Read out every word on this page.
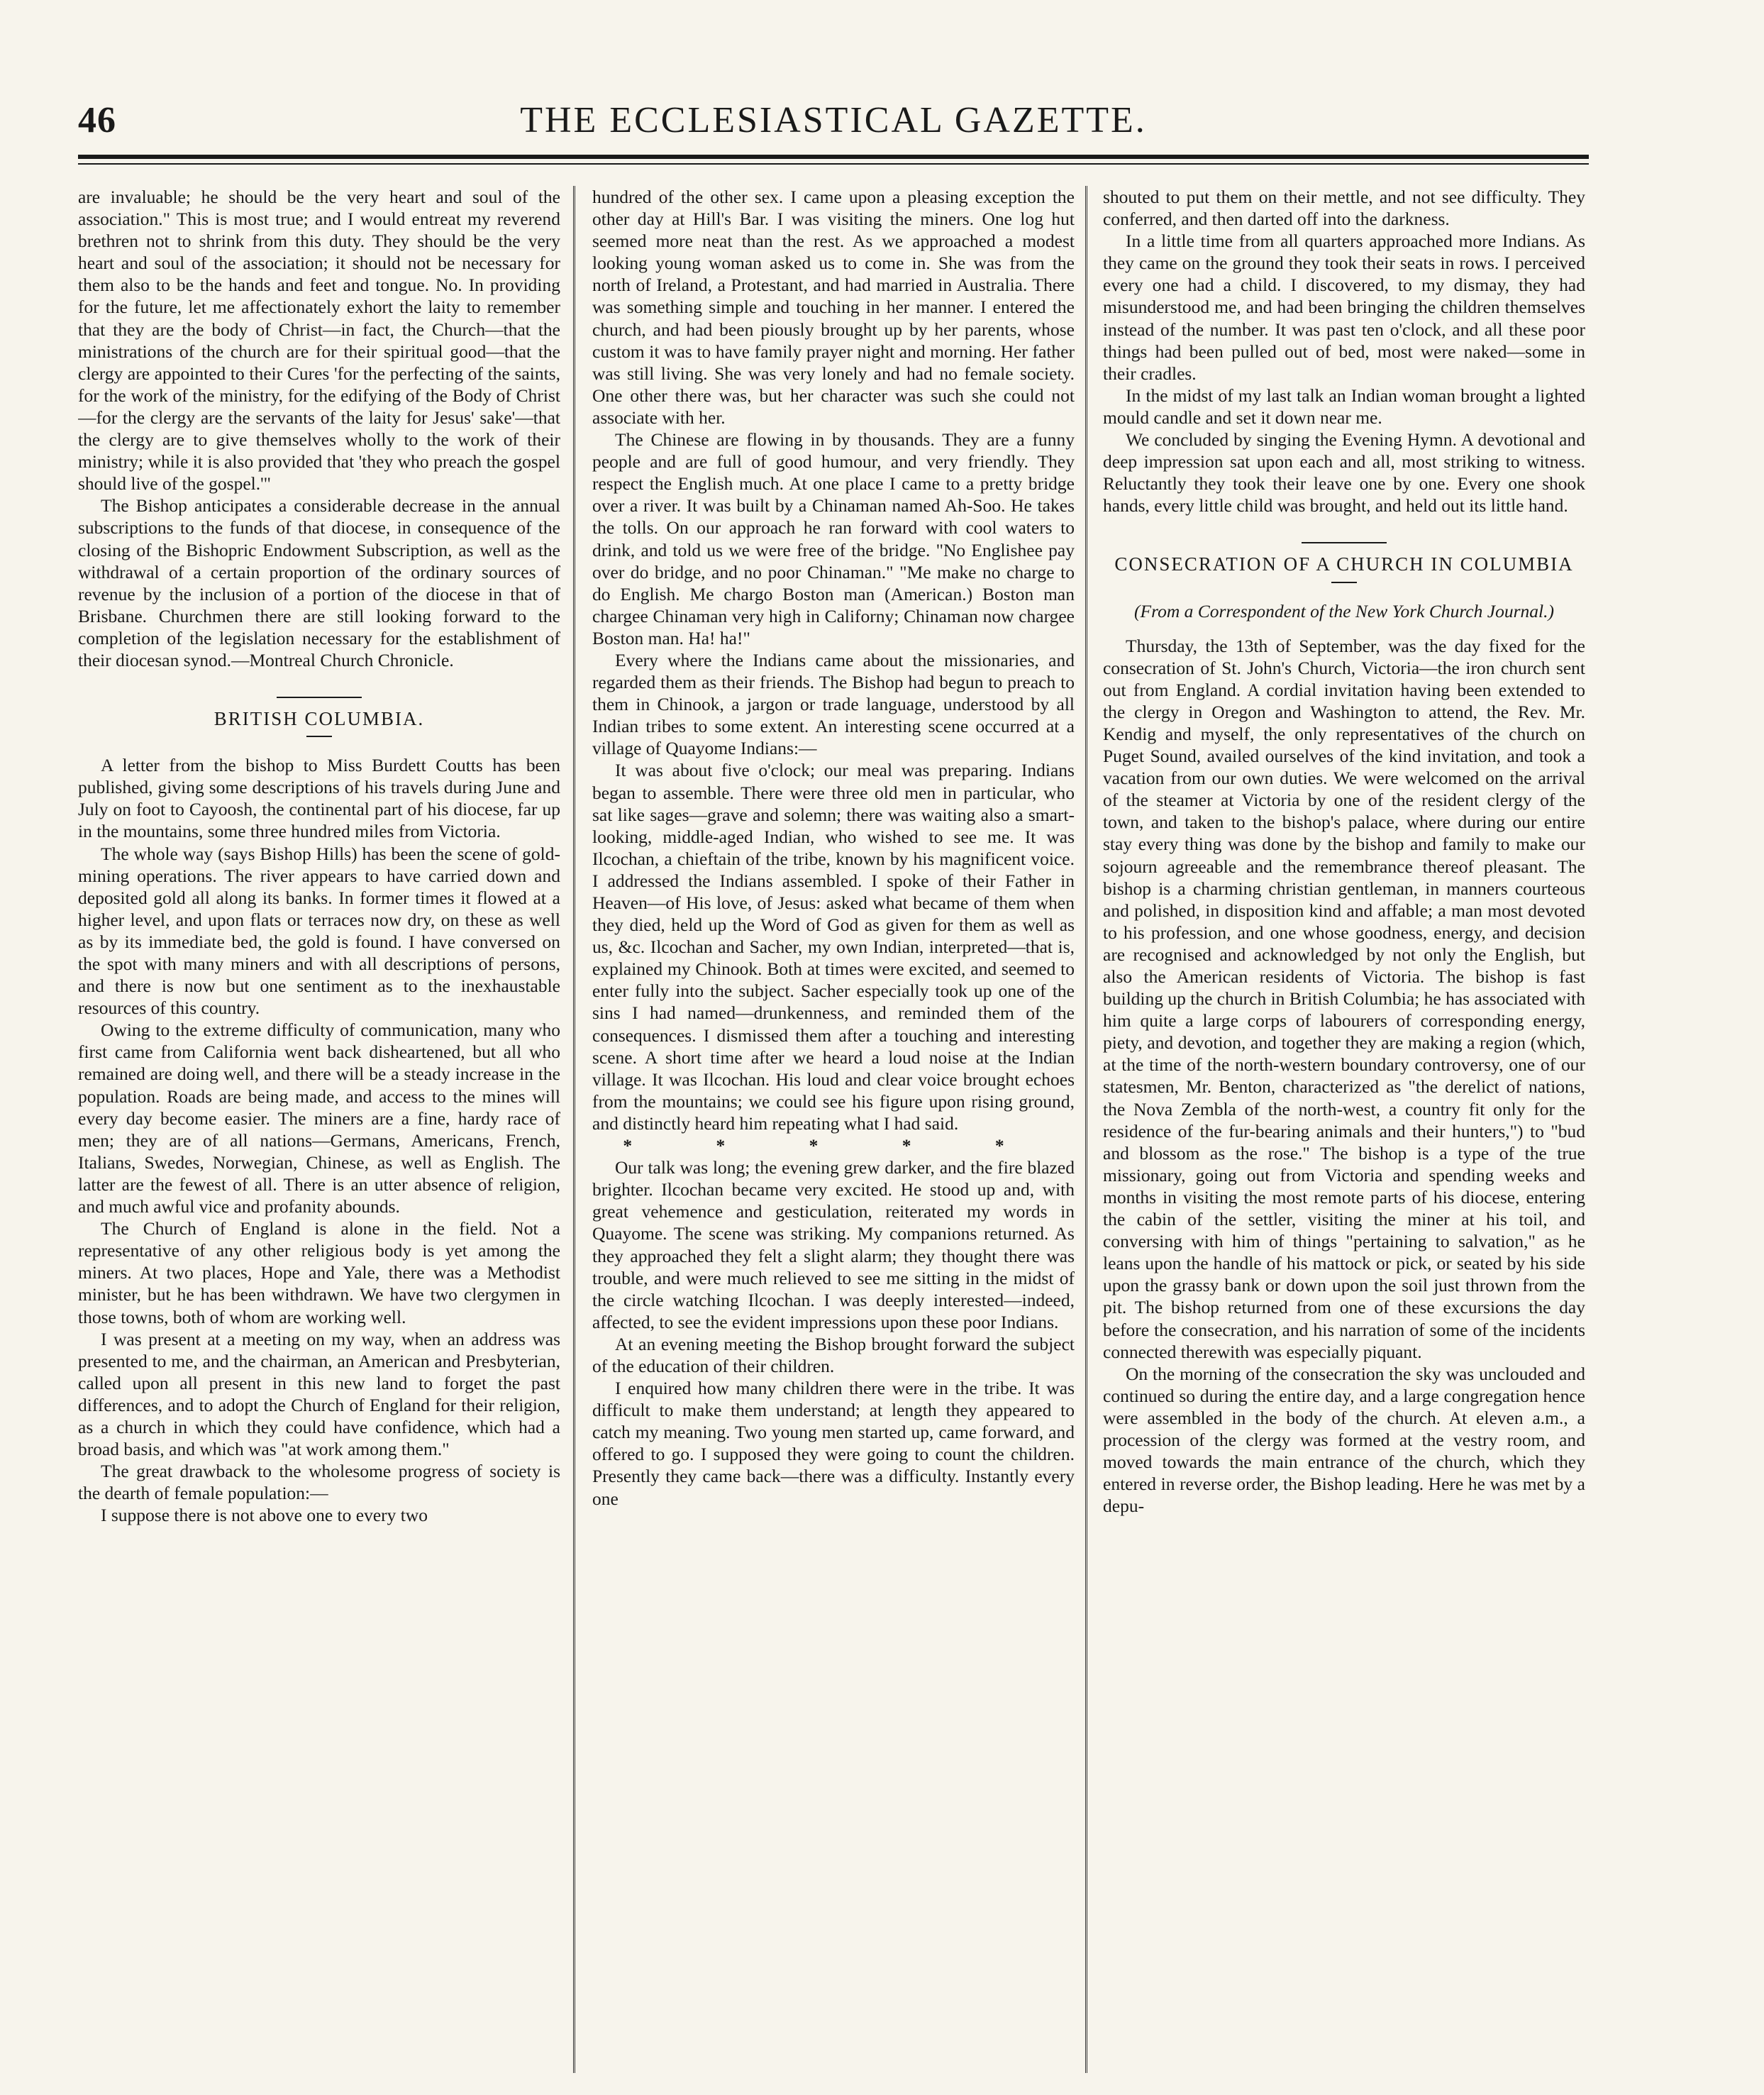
46	THE ECCLESIASTICAL GAZETTE.

are invaluable; he should be the very heart and soul of the association." This is most true; and I would entreat my reverend brethren not to shrink from this duty. They should be the very heart and soul of the association; it should not be necessary for them also to be the hands and feet and tongue. No. In providing for the future, let me affectionately exhort the laity to remember that they are the body of Christ—in fact, the Church—that the ministrations of the church are for their spiritual good—that the clergy are appointed to their Cures 'for the perfecting of the saints, for the work of the ministry, for the edifying of the Body of Christ—for the clergy are the servants of the laity for Jesus' sake'—that the clergy are to give themselves wholly to the work of their ministry; while it is also provided that 'they who preach the gospel should live of the gospel.'"

The Bishop anticipates a considerable decrease in the annual subscriptions to the funds of that diocese, in consequence of the closing of the Bishopric Endowment Subscription, as well as the withdrawal of a certain proportion of the ordinary sources of revenue by the inclusion of a portion of the diocese in that of Brisbane. Churchmen there are still looking forward to the completion of the legislation necessary for the establishment of their diocesan synod.—Montreal Church Chronicle.

BRITISH COLUMBIA.

A letter from the bishop to Miss Burdett Coutts has been published, giving some descriptions of his travels during June and July on foot to Cayoosh, the continental part of his diocese, far up in the mountains, some three hundred miles from Victoria.

The whole way (says Bishop Hills) has been the scene of gold-mining operations. The river appears to have carried down and deposited gold all along its banks. In former times it flowed at a higher level, and upon flats or terraces now dry, on these as well as by its immediate bed, the gold is found. I have conversed on the spot with many miners and with all descriptions of persons, and there is now but one sentiment as to the inexhaustable resources of this country.

Owing to the extreme difficulty of communication, many who first came from California went back disheartened, but all who remained are doing well, and there will be a steady increase in the population. Roads are being made, and access to the mines will every day become easier. The miners are a fine, hardy race of men; they are of all nations—Germans, Americans, French, Italians, Swedes, Norwegian, Chinese, as well as English. The latter are the fewest of all. There is an utter absence of religion, and much awful vice and profanity abounds.

The Church of England is alone in the field. Not a representative of any other religious body is yet among the miners. At two places, Hope and Yale, there was a Methodist minister, but he has been withdrawn. We have two clergymen in those towns, both of whom are working well.

I was present at a meeting on my way, when an address was presented to me, and the chairman, an American and Presbyterian, called upon all present in this new land to forget the past differences, and to adopt the Church of England for their religion, as a church in which they could have confidence, which had a broad basis, and which was "at work among them."

The great drawback to the wholesome progress of society is the dearth of female population:—

I suppose there is not above one to every two

hundred of the other sex. I came upon a pleasing exception the other day at Hill's Bar. I was visiting the miners. One log hut seemed more neat than the rest. As we approached a modest looking young woman asked us to come in. She was from the north of Ireland, a Protestant, and had married in Australia. There was something simple and touching in her manner. I entered the church, and had been piously brought up by her parents, whose custom it was to have family prayer night and morning. Her father was still living. She was very lonely and had no female society. One other there was, but her character was such she could not associate with her.

The Chinese are flowing in by thousands. They are a funny people and are full of good humour, and very friendly. They respect the English much. At one place I came to a pretty bridge over a river. It was built by a Chinaman named Ah-Soo. He takes the tolls. On our approach he ran forward with cool waters to drink, and told us we were free of the bridge. "No Englishee pay over do bridge, and no poor Chinaman." "Me make no charge to do English. Me chargo Boston man (American.) Boston man chargee Chinaman very high in Californy; Chinaman now chargee Boston man. Ha! ha!"

Every where the Indians came about the missionaries, and regarded them as their friends. The Bishop had begun to preach to them in Chinook, a jargon or trade language, understood by all Indian tribes to some extent. An interesting scene occurred at a village of Quayome Indians:—

It was about five o'clock; our meal was preparing. Indians began to assemble. There were three old men in particular, who sat like sages—grave and solemn; there was waiting also a smart-looking, middle-aged Indian, who wished to see me. It was Ilcochan, a chieftain of the tribe, known by his magnificent voice. I addressed the Indians assembled. I spoke of their Father in Heaven—of His love, of Jesus: asked what became of them when they died, held up the Word of God as given for them as well as us, &c. Ilcochan and Sacher, my own Indian, interpreted—that is, explained my Chinook. Both at times were excited, and seemed to enter fully into the subject. Sacher especially took up one of the sins I had named—drunkenness, and reminded them of the consequences. I dismissed them after a touching and interesting scene. A short time after we heard a loud noise at the Indian village. It was Ilcochan. His loud and clear voice brought echoes from the mountains; we could see his figure upon rising ground, and distinctly heard him repeating what I had said.

* * * * *

Our talk was long; the evening grew darker, and the fire blazed brighter. Ilcochan became very excited. He stood up and, with great vehemence and gesticulation, reiterated my words in Quayome. The scene was striking. My companions returned. As they approached they felt a slight alarm; they thought there was trouble, and were much relieved to see me sitting in the midst of the circle watching Ilcochan. I was deeply interested—indeed, affected, to see the evident impressions upon these poor Indians.

At an evening meeting the Bishop brought forward the subject of the education of their children.

I enquired how many children there were in the tribe. It was difficult to make them understand; at length they appeared to catch my meaning. Two young men started up, came forward, and offered to go. I supposed they were going to count the children. Presently they came back—there was a difficulty. Instantly every one

shouted to put them on their mettle, and not see difficulty. They conferred, and then darted off into the darkness.

In a little time from all quarters approached more Indians. As they came on the ground they took their seats in rows. I perceived every one had a child. I discovered, to my dismay, they had misunderstood me, and had been bringing the children themselves instead of the number. It was past ten o'clock, and all these poor things had been pulled out of bed, most were naked—some in their cradles.

In the midst of my last talk an Indian woman brought a lighted mould candle and set it down near me.

We concluded by singing the Evening Hymn. A devotional and deep impression sat upon each and all, most striking to witness. Reluctantly they took their leave one by one. Every one shook hands, every little child was brought, and held out its little hand.

CONSECRATION OF A CHURCH IN COLUMBIA

(From a Correspondent of the New York Church Journal.)

Thursday, the 13th of September, was the day fixed for the consecration of St. John's Church, Victoria—the iron church sent out from England. A cordial invitation having been extended to the clergy in Oregon and Washington to attend, the Rev. Mr. Kendig and myself, the only representatives of the church on Puget Sound, availed ourselves of the kind invitation, and took a vacation from our own duties. We were welcomed on the arrival of the steamer at Victoria by one of the resident clergy of the town, and taken to the bishop's palace, where during our entire stay every thing was done by the bishop and family to make our sojourn agreeable and the remembrance thereof pleasant. The bishop is a charming christian gentleman, in manners courteous and polished, in disposition kind and affable; a man most devoted to his profession, and one whose goodness, energy, and decision are recognised and acknowledged by not only the English, but also the American residents of Victoria. The bishop is fast building up the church in British Columbia; he has associated with him quite a large corps of labourers of corresponding energy, piety, and devotion, and together they are making a region (which, at the time of the north-western boundary controversy, one of our statesmen, Mr. Benton, characterized as "the derelict of nations, the Nova Zembla of the north-west, a country fit only for the residence of the fur-bearing animals and their hunters,") to "bud and blossom as the rose." The bishop is a type of the true missionary, going out from Victoria and spending weeks and months in visiting the most remote parts of his diocese, entering the cabin of the settler, visiting the miner at his toil, and conversing with him of things "pertaining to salvation," as he leans upon the handle of his mattock or pick, or seated by his side upon the grassy bank or down upon the soil just thrown from the pit. The bishop returned from one of these excursions the day before the consecration, and his narration of some of the incidents connected therewith was especially piquant.

On the morning of the consecration the sky was unclouded and continued so during the entire day, and a large congregation hence were assembled in the body of the church. At eleven a.m., a procession of the clergy was formed at the vestry room, and moved towards the main entrance of the church, which they entered in reverse order, the Bishop leading. Here he was met by a depu-
